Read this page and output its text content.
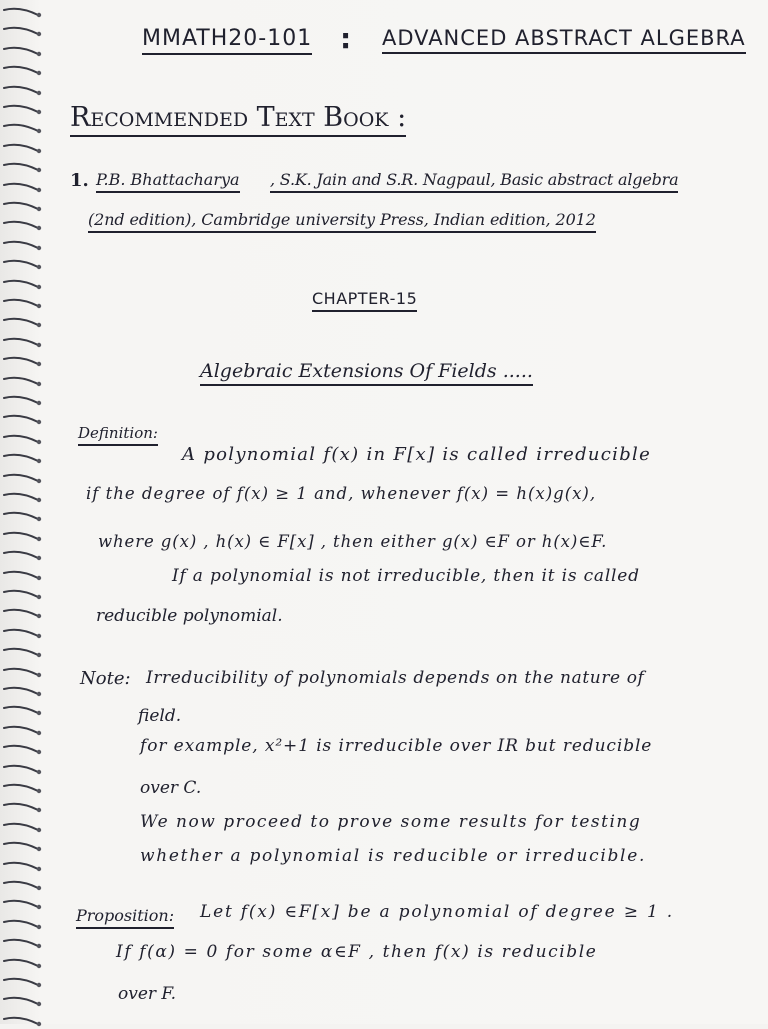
MMATH20-101 : ADVANCED ABSTRACT ALGEBRA
Recommended Text Book :
1. P.B. Bhattacharya , S.K. Jain and S.R. Nagpaul, Basic abstract algebra
(2nd edition), Cambridge university Press, Indian edition, 2012
CHAPTER-15
Algebraic Extensions Of Fields .....
Definition:
A polynomial f(x) in F[x] is called irreducible
if the degree of f(x) ≥ 1 and, whenever f(x) = h(x)g(x),
where g(x) , h(x) ∈ F[x] , then either g(x) ∈F or h(x)∈F.
If a polynomial is not irreducible, then it is called
reducible polynomial.
Note: Irreducibility of polynomials depends on the nature of
field.
for example, x²+1 is irreducible over IR but reducible
over C.
We now proceed to prove some results for testing
whether a polynomial is reducible or irreducible.
Proposition: Let f(x) ∈F[x] be a polynomial of degree ≥ 1 .
If f(α) = 0 for some α∈F , then f(x) is reducible
over F.
